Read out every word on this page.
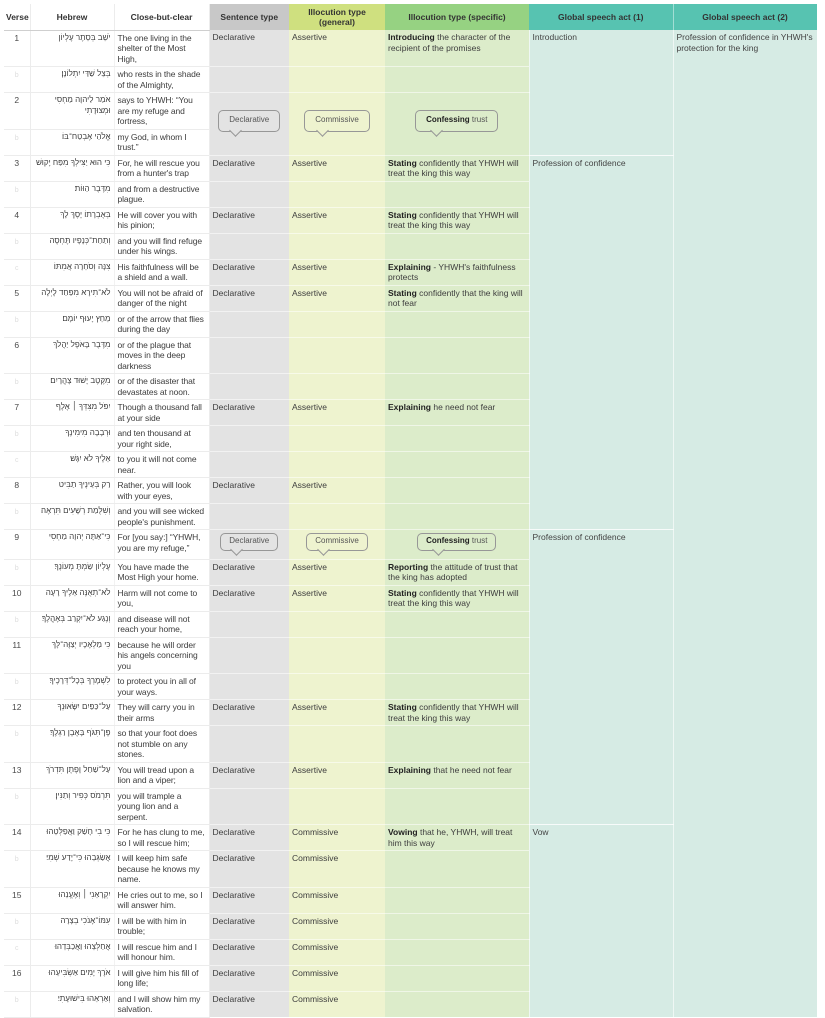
Verse	Hebrew	Close-but-clear	Sentence type	Illocution type (general)	Illocution type (specific)	Global speech act (1)	Global speech act (2)
1	יֹשֵׁב בְּסֵתֶר עֶלְיוֹן	The one living in the shelter of the Most High,	Declarative	Assertive	Introducing the character of the recipient of the promises	Introduction	Profession of confidence in YHWH's protection for the king
b	בְּצֵל שַׁדַּי יִתְלוֹנָן׃	who rests in the shade of the Almighty,					
2	אֹמַר לַיהוָה מַחְסִי וּמְצוּדָתִי	says to YHWH: “You are my refuge and fortress,	Declarative	Commissive	Confessing trust		
b	אֱלֹהַי אֶבְטַח־בּוֹ׃	my God, in whom I trust.”					
3	כִּי הוּא יַצִּילְךָ מִפַּח יָקוּשׁ	For, he will rescue you from a hunter's trap	Declarative	Assertive	Stating confidently that YHWH will treat the king this way	Profession of confidence	
b	מִדֶּבֶר הַוּוֹת׃	and from a destructive plague.					
4	בְּאֶבְרָתוֹ יָסֶךְ לָךְ	He will cover you with his pinion;	Declarative	Assertive	Stating confidently that YHWH will treat the king this way		
b	וְתַחַת־כְּנָפָיו תֶּחְסֶה	and you will find refuge under his wings.					
c	צִנָּה וְסֹחֵרָה אֲמִתּוֹ׃	His faithfulness will be a shield and a wall.	Declarative	Assertive	Explaining - YHWH's faithfulness protects		
5	לֹא־תִירָא מִפַּחַד לָיְלָה	You will not be afraid of danger of the night	Declarative	Assertive	Stating confidently that the king will not fear		
b	מֵחֵץ יָעוּף יוֹמָם׃	or of the arrow that flies during the day					
6	מִדֶּבֶר בָּאֹפֶל יַהֲלֹךְ	or of the plague that moves in the deep darkness					
b	מִקֶּטֶב יָשׁוּד צָהֳרָיִם׃	or of the disaster that devastates at noon.					
7	יִפֹּל מִצִּדְּךָ ׀ אֶלֶף	Though a thousand fall at your side	Declarative	Assertive	Explaining he need not fear		
b	וּרְבָבָה מִימִינֶךָ	and ten thousand at your right side,					
c	אֵלֶיךָ לֹא יִגָּשׁ׃	to you it will not come near.					
8	רַק בְּעֵינֶיךָ תַבִּיט	Rather, you will look with your eyes,	Declarative	Assertive			
b	וְשִׁלֻּמַת רְשָׁעִים תִּרְאֶה׃	and you will see wicked people's punishment.					
9	כִּי־אַתָּה יְהוָה מַחְסִי	For [you say:] “YHWH, you are my refuge,”	Declarative	Commissive	Confessing trust	Profession of confidence	
b	עֶלְיוֹן שַׂמְתָּ מְעוֹנֶךָ׃	You have made the Most High your home.	Declarative	Assertive	Reporting the attitude of trust that the king has adopted		
10	לֹא־תְאֻנֶּה אֵלֶיךָ רָעָה	Harm will not come to you,	Declarative	Assertive	Stating confidently that YHWH will treat the king this way		
b	וְנֶגַע לֹא־יִקְרַב בְּאָהֳלֶךָ׃	and disease will not reach your home,					
11	כִּי מַלְאָכָיו יְצַוֶּה־לָּךְ	because he will order his angels concerning you					
b	לִשְׁמָרְךָ בְּכָל־דְּרָכֶיךָ׃	to protect you in all of your ways.					
12	עַל־כַּפַּיִם יִשָּׂאוּנְךָ	They will carry you in their arms	Declarative	Assertive	Stating confidently that YHWH will treat the king this way		
b	פֶּן־תִּגֹּף בָּאֶבֶן רַגְלֶךָ׃	so that your foot does not stumble on any stones.					
13	עַל־שַׁחַל וָפֶתֶן תִּדְרֹךְ	You will tread upon a lion and a viper;	Declarative	Assertive	Explaining that he need not fear		
b	תִּרְמֹס כְּפִיר וְתַנִּין׃	you will trample a young lion and a serpent.					
14	כִּי בִי חָשַׁק וַאֲפַלְּטֵהוּ	For he has clung to me, so I will rescue him;	Declarative	Commissive	Vowing that he, YHWH, will treat him this way	Vow	
b	אֲשַׂגְּבֵהוּ כִּי־יָדַע שְׁמִי׃	I will keep him safe because he knows my name.	Declarative	Commissive			
15	יִקְרָאֵנִי ׀ וְאֶעֱנֵהוּ	He cries out to me, so I will answer him.	Declarative	Commissive			
b	עִמּוֹ־אָנֹכִי בְצָרָה	I will be with him in trouble;	Declarative	Commissive			
c	אֲחַלְּצֵהוּ וַאֲכַבְּדֵהוּ׃	I will rescue him and I will honour him.	Declarative	Commissive			
16	אֹרֶךְ יָמִים אַשְׂבִּיעֵהוּ	I will give him his fill of long life;	Declarative	Commissive			
b	וְאַרְאֵהוּ בִּישׁוּעָתִי׃	and I will show him my salvation.	Declarative	Commissive			
